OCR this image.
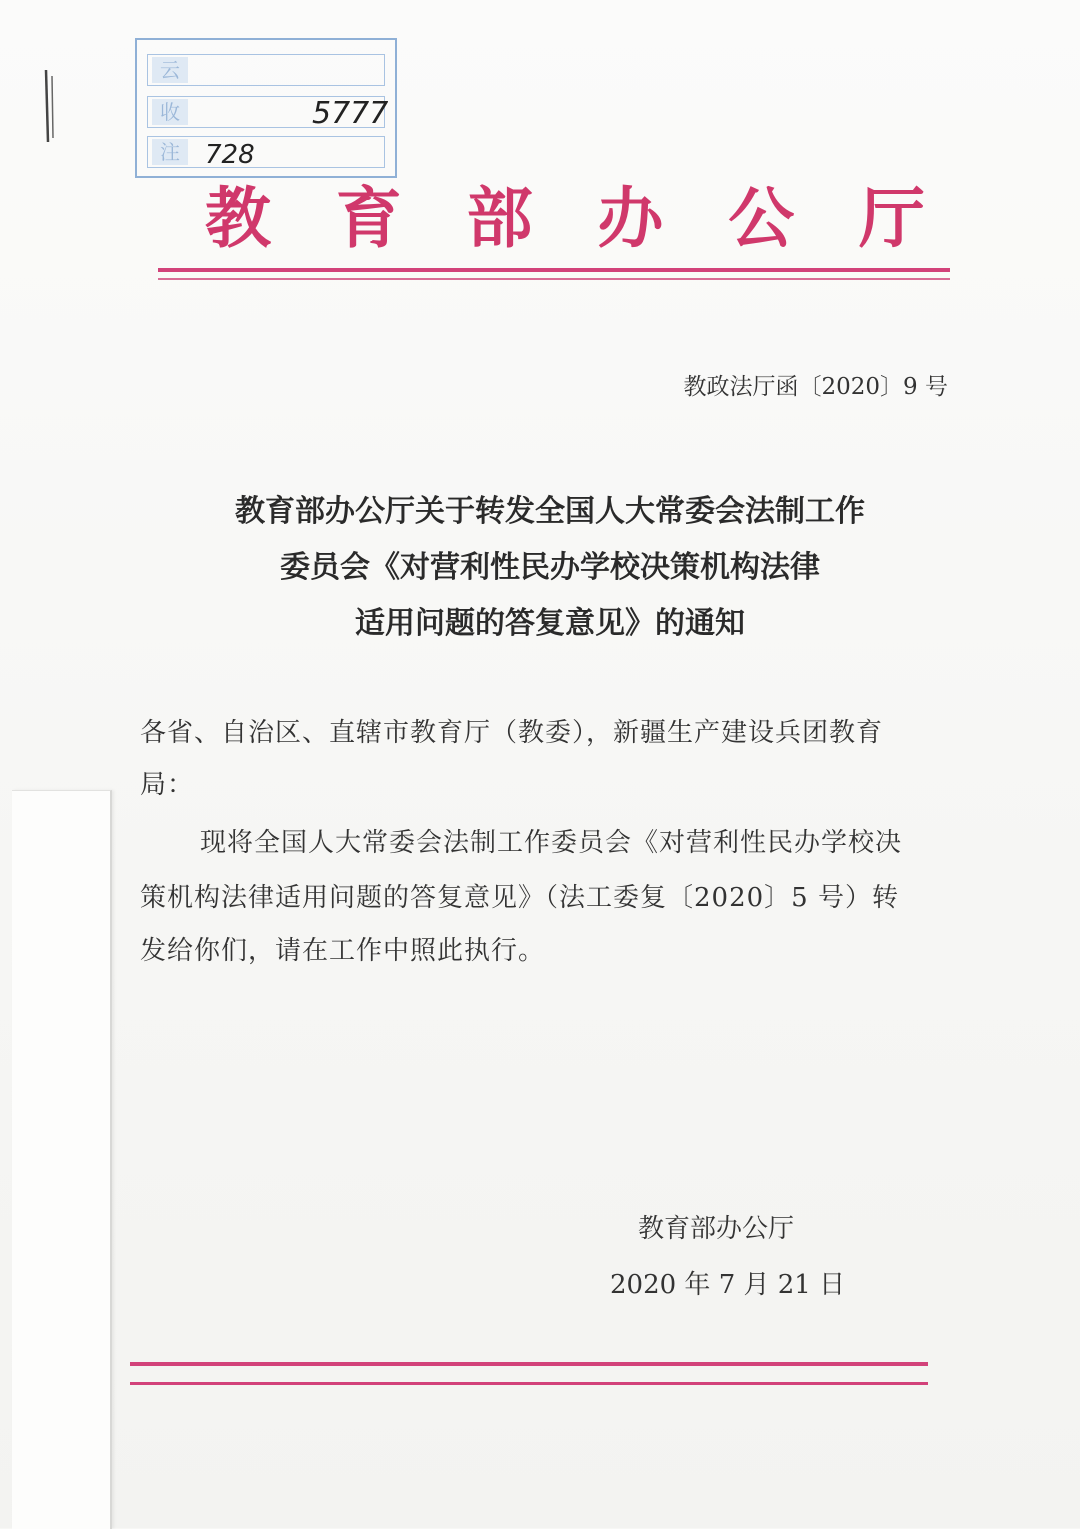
云
收
注
5777
728
教 育 部 办 公 厅
教政法厅函〔2020〕9 号
教育部办公厅关于转发全国人大常委会法制工作
委员会《对营利性民办学校决策机构法律
适用问题的答复意见》的通知
各省、自治区、直辖市教育厅（教委），新疆生产建设兵团教育
局：
现将全国人大常委会法制工作委员会《对营利性民办学校决
策机构法律适用问题的答复意见》（法工委复〔2020〕5 号）转
发给你们，请在工作中照此执行。
教育部办公厅
2020 年 7 月 21 日
